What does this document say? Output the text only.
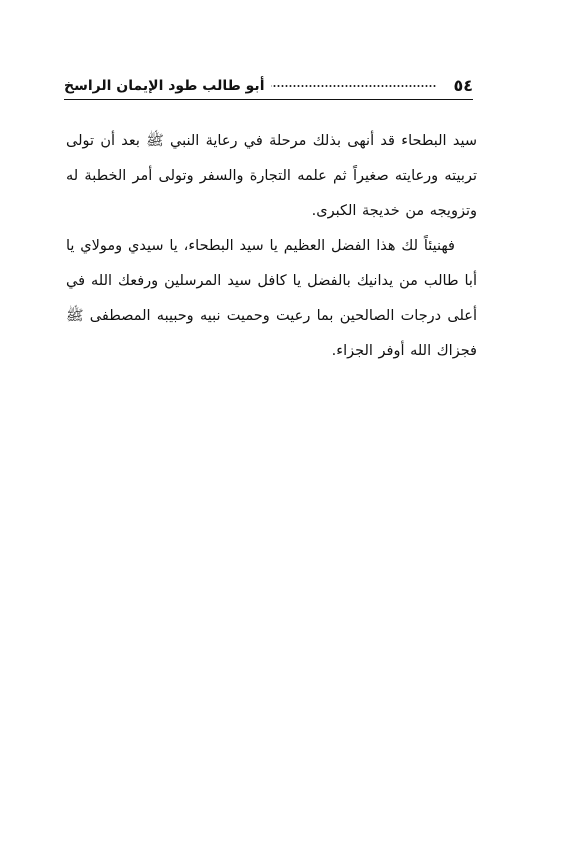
٥٤
أبو طالب طود الإيمان الراسخ

سيد البطحاء قد أنهى بذلك مرحلة في رعاية النبي ﷺ بعد أن تولى تربيته ورعايته صغيراً ثم علمه التجارة والسفر وتولى أمر الخطبة له وتزويجه من خديجة الكبرى.

فهنيئاً لك هذا الفضل العظيم يا سيد البطحاء، يا سيدي ومولاي يا أبا طالب من يدانيك بالفضل يا كافل سيد المرسلين ورفعك الله في أعلى درجات الصالحين بما رعيت وحميت نبيه وحبيبه المصطفى ﷺ فجزاك الله أوفر الجزاء.
